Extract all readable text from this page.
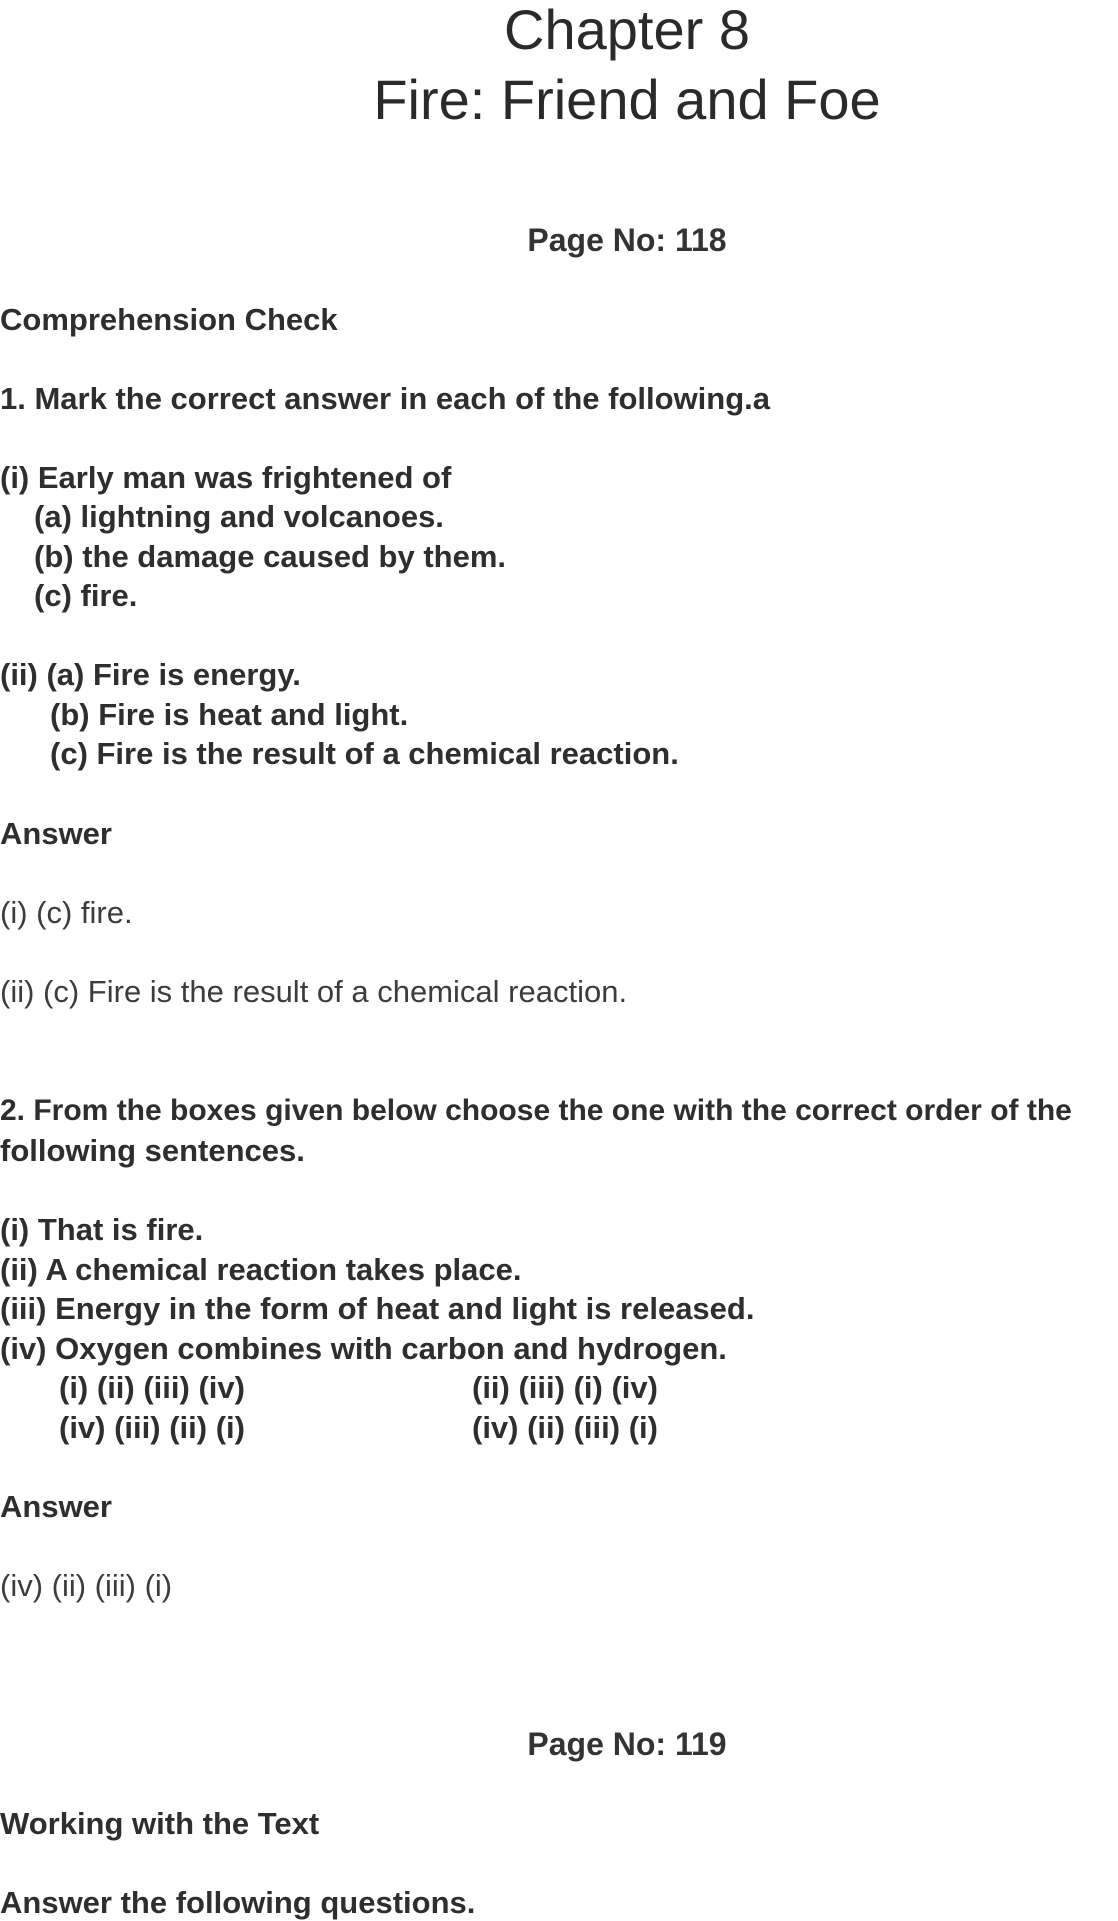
Chapter 8
Fire: Friend and Foe
Page No: 118
Comprehension Check
1. Mark the correct answer in each of the following.a
(i) Early man was frightened of
(a) lightning and volcanoes.
(b) the damage caused by them.
(c) fire.
(ii) (a) Fire is energy.
(b) Fire is heat and light.
(c) Fire is the result of a chemical reaction.
Answer
(i) (c) fire.
(ii) (c) Fire is the result of a chemical reaction.
2. From the boxes given below choose the one with the correct order of the
following sentences.
(i) That is fire.
(ii) A chemical reaction takes place.
(iii) Energy in the form of heat and light is released.
(iv) Oxygen combines with carbon and hydrogen.
(i) (ii) (iii) (iv)	(ii) (iii) (i) (iv)
(iv) (iii) (ii) (i)	(iv) (ii) (iii) (i)
Answer
(iv) (ii) (iii) (i)
Page No: 119
Working with the Text
Answer the following questions.
